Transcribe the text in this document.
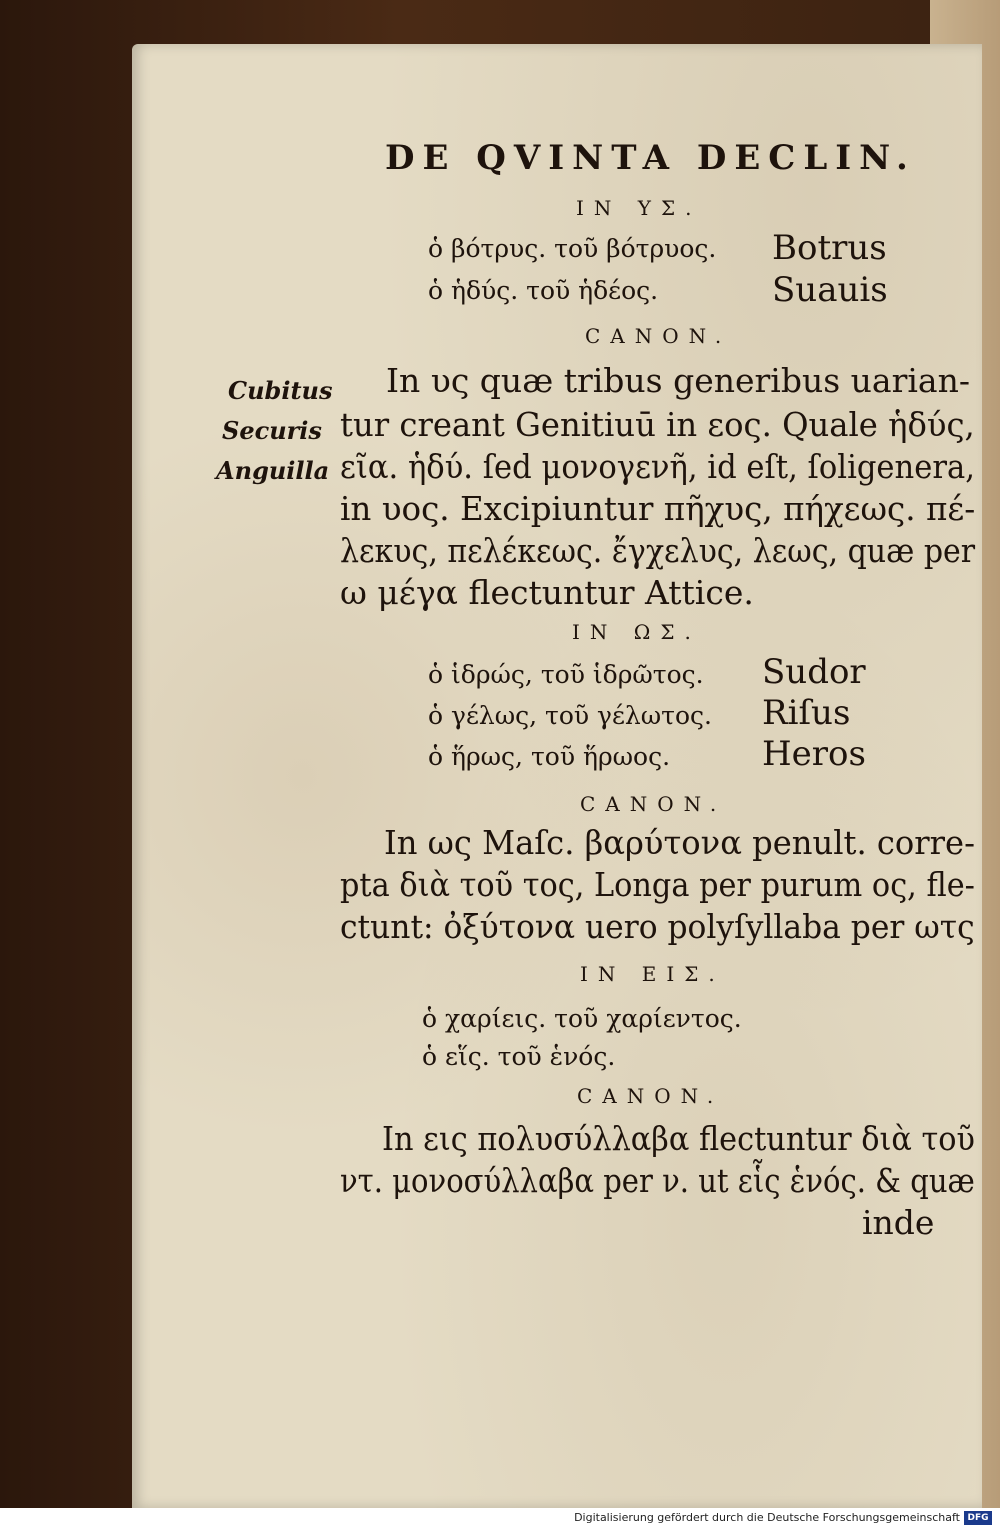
DE QVINTA DECLIN.
IN ΥΣ.
ὁ βότρυς. τοῦ βότρυος. Botrus
ὁ ἡδύς. τοῦ ἡδέος.	Suauis
CANON.
In υς quæ tribus generibus uarian-
tur creant Genitiuū in εος. Quale ἡδύς,
εῖα. ἡδύ. ſed μονογενῆ, id eſt, ſoligenera,
in υος. Excipiuntur πῆχυς, πήχεως. πέ-
λεκυς, πελέκεως. ἔγχελυς, λεως, quæ per
ω μέγα flectuntur Attice.
Cubitus
Securis
Anguilla
IN ΩΣ.
ὁ ἱδρώς, τοῦ ἱδρῶτος. Sudor
ὁ γέλως, τοῦ γέλωτος. Riſus
ὁ ἥρως, τοῦ ἥρωος.	Heros
CANON.
In ως Maſc. βαρύτονα penult. corre-
pta διὰ τοῦ τος, Longa per purum ος, fle-
ctunt: ὀξύτονα uero polyſyllaba per ωτς
IN ΕΙΣ.
ὁ χαρίεις. τοῦ χαρίεντος.
ὁ εἵς. τοῦ ἑνός.
CANON.
In εις πολυσύλλαβα flectuntur διὰ τοῦ
ντ. μονοσύλλαβα per ν. ut εἷς ἑνός. & quæ
inde
Digitalisierung gefördert durch die Deutsche Forschungsgemeinschaft DFG
